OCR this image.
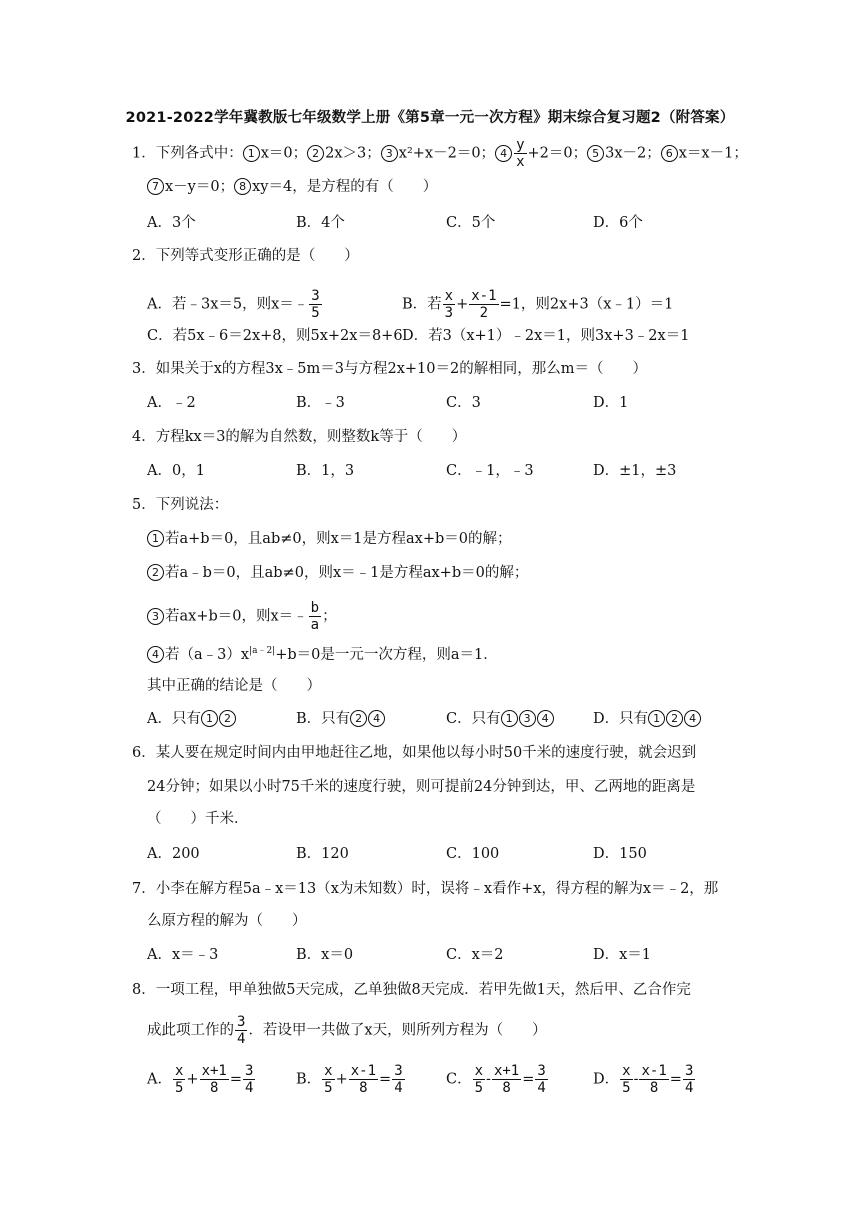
2021-2022学年冀教版七年级数学上册《第5章一元一次方程》期末综合复习题2（附答案）
1．下列各式中： 1 x＝0； 2 2x＞3； 3 x²+x－2＝0； $4 \frac{y}{x} +2=0$； 5 3x－2； 6 x＝x－1；
7 x－y＝0； 8 xy＝4，是方程的有（　　）
A．3个	B．4个	C．5个	D．6个
2．下列等式变形正确的是（　　）
A．若﹣3x＝5，则x＝﹣ $\frac{3}{5}$	B．若 $\frac{x}{3} + \frac{x-1}{2} =1$，则2x+3（x﹣1）＝1
C．若5x﹣6＝2x+8，则5x+2x＝8+6 D．若3（x+1）﹣2x＝1，则3x+3﹣2x＝1
3．如果关于x的方程3x﹣5m＝3与方程2x+10＝2的解相同，那么m＝（　　）
A．﹣2	B．﹣3	C．3	D．1
4．方程kx＝3的解为自然数，则整数k等于（　　）
A．0，1	B．1，3	C．﹣1，﹣3	D．±1，±3
5．下列说法：
1 若a+b＝0，且ab≠0，则x＝1是方程ax+b＝0的解；
2 若a﹣b＝0，且ab≠0，则x＝﹣1是方程ax+b＝0的解；
3 若ax+b＝0，则x＝﹣ $\frac{b}{a}$ ；
4 若$(a﹣3)x^{|a﹣2|}+b=0$是一元一次方程，则a＝1．
其中正确的结论是（　　）
A．只有 1 2	B．只有 2 4	C．只有 1 3 4	D．只有 1 2 4
6．某人要在规定时间内由甲地赶往乙地，如果他以每小时50千米的速度行驶，就会迟到
24分钟；如果以小时75千米的速度行驶，则可提前24分钟到达，甲、乙两地的距离是
（　　）千米．
A．200	B．120	C．100	D．150
7．小李在解方程5a﹣x＝13（x为未知数）时，误将﹣x看作+x，得方程的解为x＝﹣2，那
么原方程的解为（　　）
A．x＝﹣3	B．x＝0	C．x＝2	D．x＝1
8．一项工程，甲单独做5天完成，乙单独做8天完成．若甲先做1天，然后甲、乙合作完
成此项工作的 $\frac{3}{4}$ ．若设甲一共做了x天，则所列方程为（　　）
A． $\frac{x}{5} + \frac{x+1}{8} = \frac{3}{4}$	B． $\frac{x}{5} + \frac{x-1}{8} = \frac{3}{4}$	C． $\frac{x}{5} - \frac{x+1}{8} = \frac{3}{4}$	D． $\frac{x}{5} - \frac{x-1}{8} = \frac{3}{4}$
